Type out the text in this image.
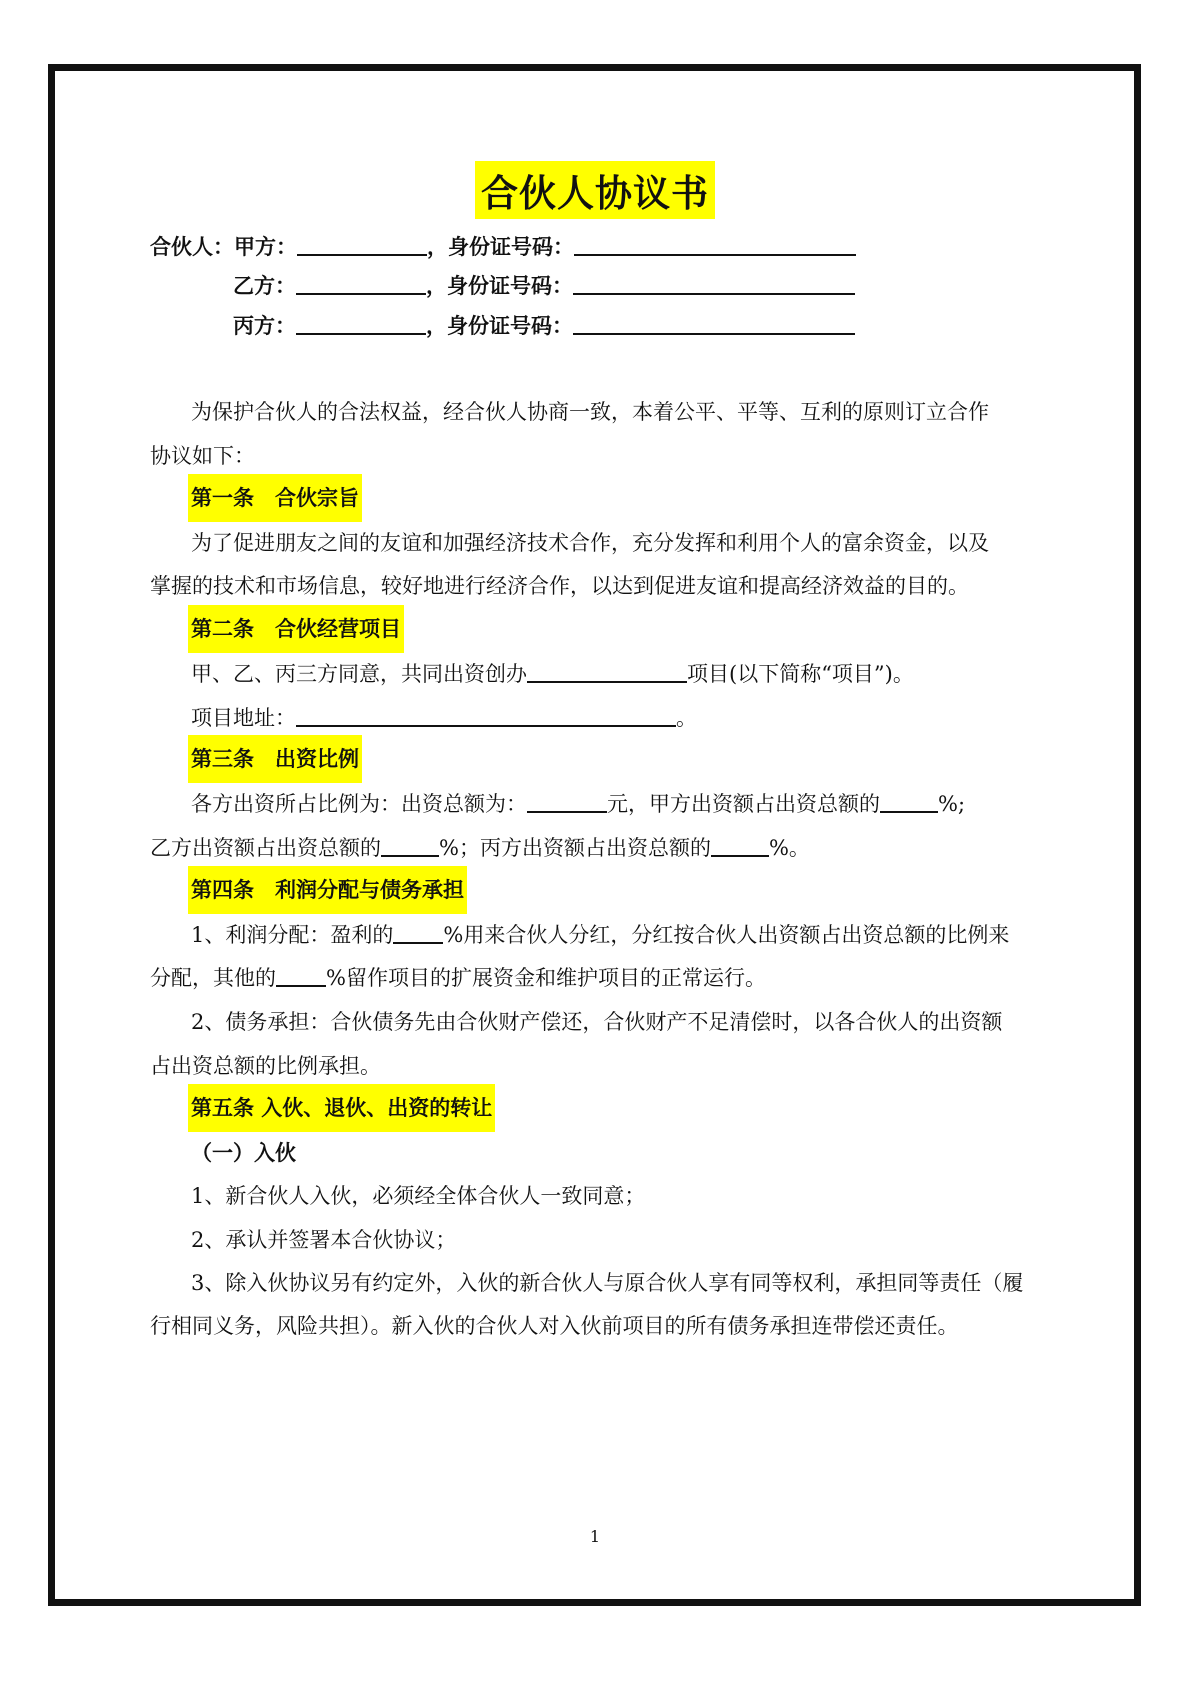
合伙人协议书
合伙人：甲方：	，身份证号码：
乙方：	，身份证号码：
丙方：	，身份证号码：
为保护合伙人的合法权益，经合伙人协商一致，本着公平、平等、互利的原则订立合作
协议如下：
第一条　合伙宗旨
为了促进朋友之间的友谊和加强经济技术合作，充分发挥和利用个人的富余资金，以及
掌握的技术和市场信息，较好地进行经济合作，以达到促进友谊和提高经济效益的目的。
第二条　合伙经营项目
甲、乙、丙三方同意，共同出资创办	项目(以下简称“项目”)。
项目地址：	。
第三条　出资比例
各方出资所占比例为：出资总额为：	元，甲方出资额占出资总额的	%;
乙方出资额占出资总额的	%；丙方出资额占出资总额的	%。
第四条　利润分配与债务承担
1、利润分配：盈利的 %用来合伙人分红，分红按合伙人出资额占出资总额的比例来
分配，其他的 %留作项目的扩展资金和维护项目的正常运行。
2、债务承担：合伙债务先由合伙财产偿还，合伙财产不足清偿时，以各合伙人的出资额
占出资总额的比例承担。
第五条 入伙、退伙、出资的转让
（一）入伙
1、新合伙人入伙，必须经全体合伙人一致同意；
2、承认并签署本合伙协议；
3、除入伙协议另有约定外，入伙的新合伙人与原合伙人享有同等权利，承担同等责任（履
行相同义务，风险共担）。新入伙的合伙人对入伙前项目的所有债务承担连带偿还责任。
1
